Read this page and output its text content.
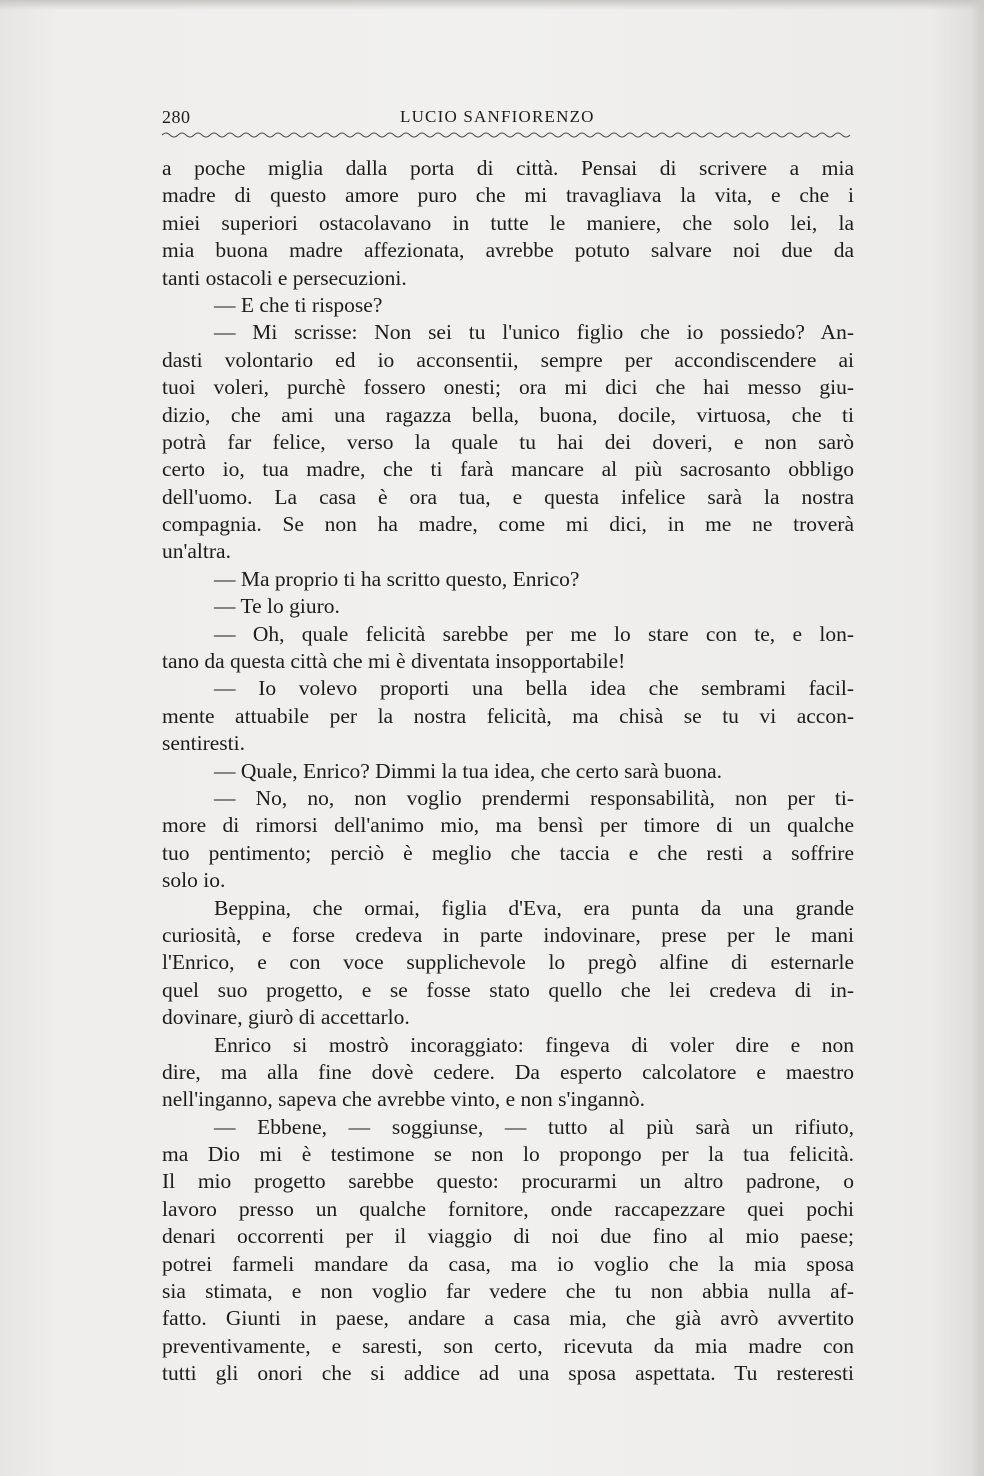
280	LUCIO SANFIORENZO
a poche miglia dalla porta di città. Pensai di scrivere a mia
madre di questo amore puro che mi travagliava la vita, e che i
miei superiori ostacolavano in tutte le maniere, che solo lei, la
mia buona madre affezionata, avrebbe potuto salvare noi due da
tanti ostacoli e persecuzioni.
— E che ti rispose?
— Mi scrisse: Non sei tu l'unico figlio che io possiedo? An-
dasti volontario ed io acconsentii, sempre per accondiscendere ai
tuoi voleri, purchè fossero onesti; ora mi dici che hai messo giu-
dizio, che ami una ragazza bella, buona, docile, virtuosa, che ti
potrà far felice, verso la quale tu hai dei doveri, e non sarò
certo io, tua madre, che ti farà mancare al più sacrosanto obbligo
dell'uomo. La casa è ora tua, e questa infelice sarà la nostra
compagnia. Se non ha madre, come mi dici, in me ne troverà
un'altra.
— Ma proprio ti ha scritto questo, Enrico?
— Te lo giuro.
— Oh, quale felicità sarebbe per me lo stare con te, e lon-
tano da questa città che mi è diventata insopportabile!
— Io volevo proporti una bella idea che sembrami facil-
mente attuabile per la nostra felicità, ma chisà se tu vi accon-
sentiresti.
— Quale, Enrico? Dimmi la tua idea, che certo sarà buona.
— No, no, non voglio prendermi responsabilità, non per ti-
more di rimorsi dell'animo mio, ma bensì per timore di un qualche
tuo pentimento; perciò è meglio che taccia e che resti a soffrire
solo io.
Beppina, che ormai, figlia d'Eva, era punta da una grande
curiosità, e forse credeva in parte indovinare, prese per le mani
l'Enrico, e con voce supplichevole lo pregò alfine di esternarle
quel suo progetto, e se fosse stato quello che lei credeva di in-
dovinare, giurò di accettarlo.
Enrico si mostrò incoraggiato: fingeva di voler dire e non
dire, ma alla fine dovè cedere. Da esperto calcolatore e maestro
nell'inganno, sapeva che avrebbe vinto, e non s'ingannò.
— Ebbene, — soggiunse, — tutto al più sarà un rifiuto,
ma Dio mi è testimone se non lo propongo per la tua felicità.
Il mio progetto sarebbe questo: procurarmi un altro padrone, o
lavoro presso un qualche fornitore, onde raccapezzare quei pochi
denari occorrenti per il viaggio di noi due fino al mio paese;
potrei farmeli mandare da casa, ma io voglio che la mia sposa
sia stimata, e non voglio far vedere che tu non abbia nulla af-
fatto. Giunti in paese, andare a casa mia, che già avrò avvertito
preventivamente, e saresti, son certo, ricevuta da mia madre con
tutti gli onori che si addice ad una sposa aspettata. Tu resteresti
